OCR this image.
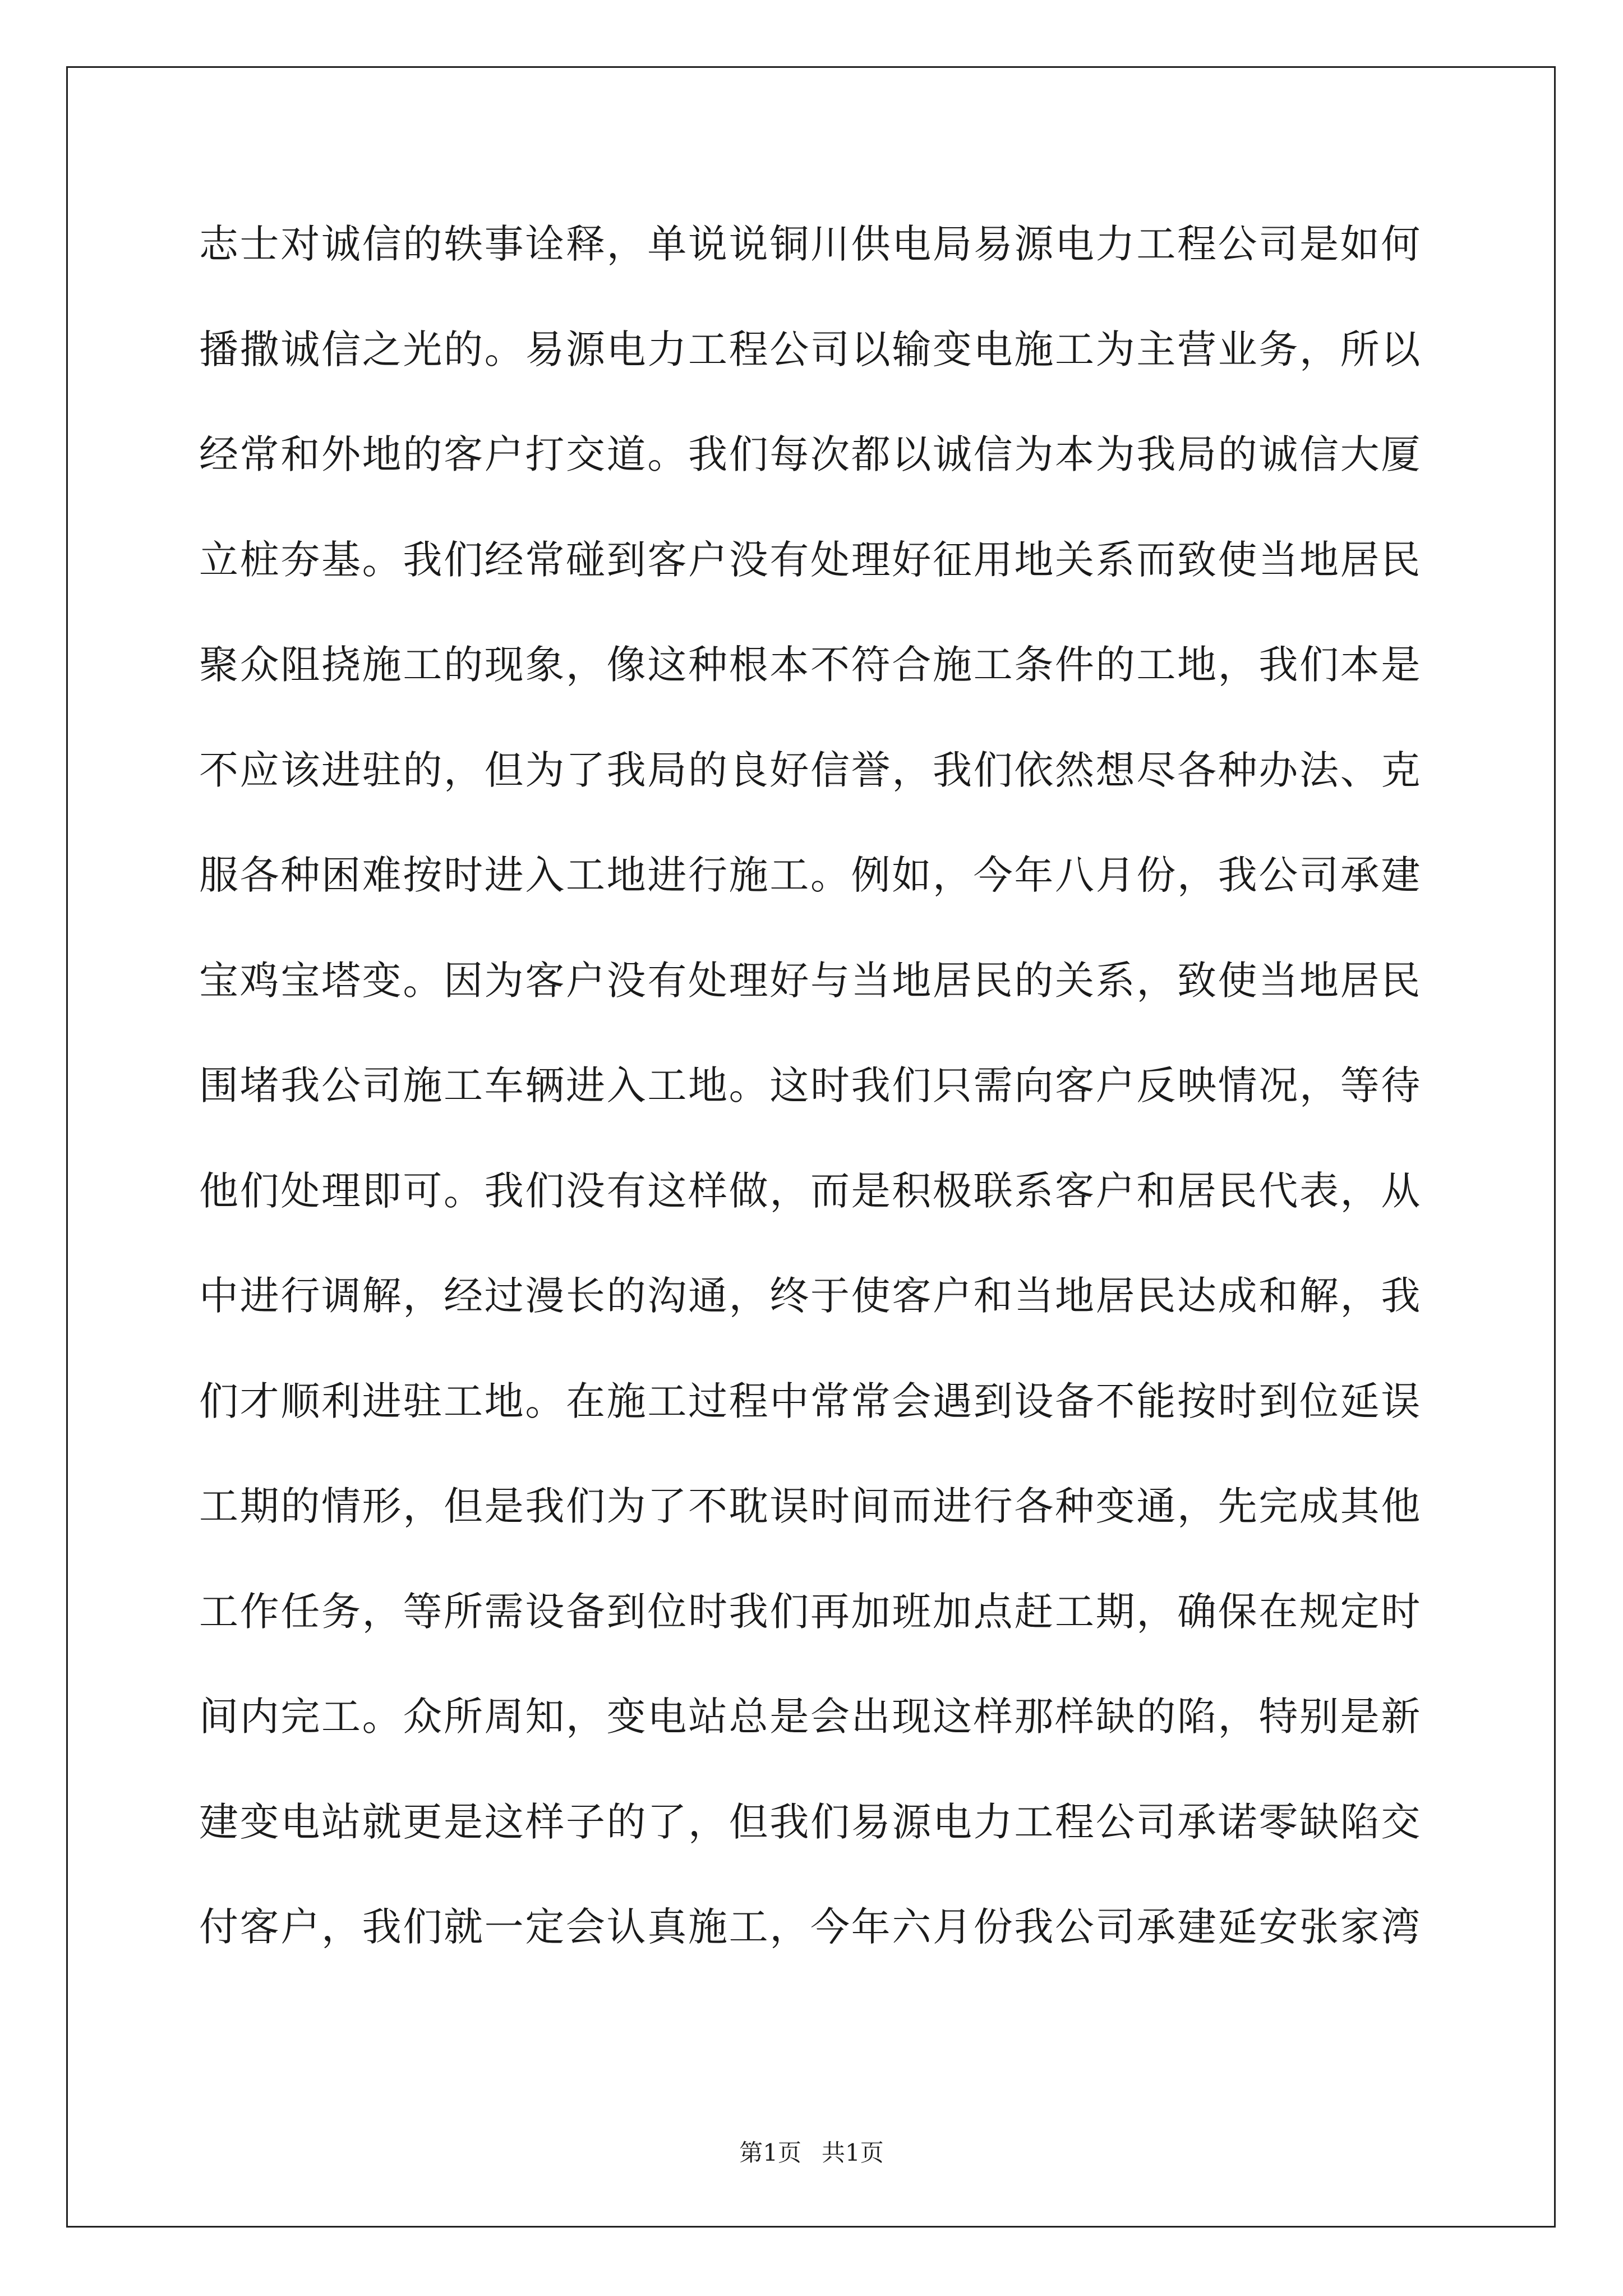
志士对诚信的轶事诠释，单说说铜川供电局易源电力工程公司是如何
播撒诚信之光的。易源电力工程公司以输变电施工为主营业务，所以
经常和外地的客户打交道。我们每次都以诚信为本为我局的诚信大厦
立桩夯基。我们经常碰到客户没有处理好征用地关系而致使当地居民
聚众阻挠施工的现象，像这种根本不符合施工条件的工地，我们本是
不应该进驻的，但为了我局的良好信誉，我们依然想尽各种办法、克
服各种困难按时进入工地进行施工。例如，今年八月份，我公司承建
宝鸡宝塔变。因为客户没有处理好与当地居民的关系，致使当地居民
围堵我公司施工车辆进入工地。这时我们只需向客户反映情况，等待
他们处理即可。我们没有这样做，而是积极联系客户和居民代表，从
中进行调解，经过漫长的沟通，终于使客户和当地居民达成和解，我
们才顺利进驻工地。在施工过程中常常会遇到设备不能按时到位延误
工期的情形，但是我们为了不耽误时间而进行各种变通，先完成其他
工作任务，等所需设备到位时我们再加班加点赶工期，确保在规定时
间内完工。众所周知，变电站总是会出现这样那样缺的陷，特别是新
建变电站就更是这样子的了，但我们易源电力工程公司承诺零缺陷交
付客户，我们就一定会认真施工，今年六月份我公司承建延安张家湾
第1页 共1页
